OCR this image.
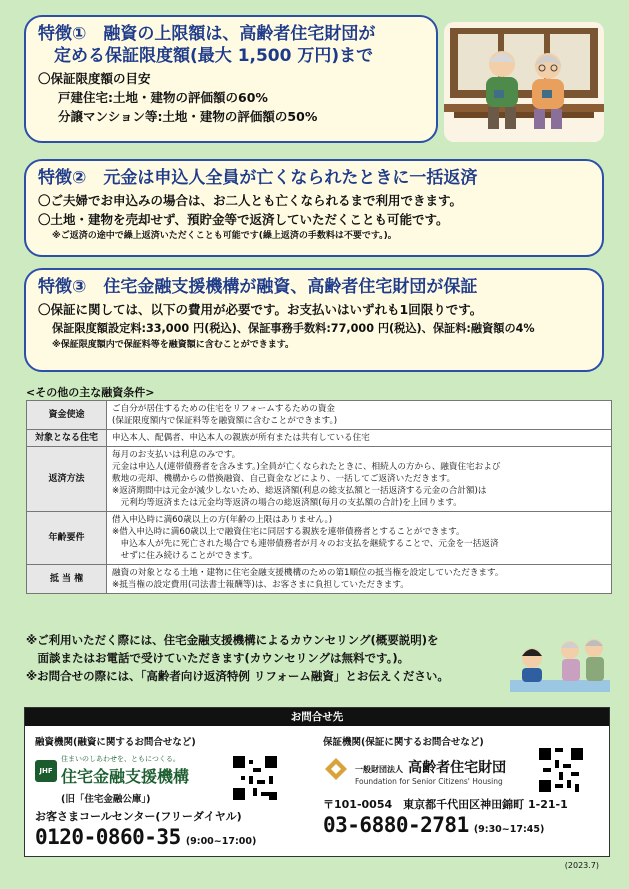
特徴①　融資の上限額は、高齢者住宅財団が
定める保証限度額(最大 1,500 万円)まで
〇保証限度額の目安
戸建住宅:土地・建物の評価額の60%
分譲マンション等:土地・建物の評価額の50%
特徴②　元金は申込人全員が亡くなられたときに一括返済
〇ご夫婦でお申込みの場合は、お二人とも亡くなられるまで利用できます。
〇土地・建物を売却せず、預貯金等で返済していただくことも可能です。
※ご返済の途中で繰上返済いただくことも可能です(繰上返済の手数料は不要です。)。
特徴③　住宅金融支援機構が融資、高齢者住宅財団が保証
〇保証に関しては、以下の費用が必要です。お支払いはいずれも1回限りです。
保証限度額設定料:33,000 円(税込)、保証事務手数料:77,000 円(税込)、保証料:融資額の4%
※保証限度額内で保証料等を融資額に含むことができます。
<その他の主な融資条件>
資金使途	ご自分が居住するための住宅をリフォームするための資金
(保証限度額内で保証料等を融資額に含むことができます。)

対象となる住宅	申込本人、配偶者、申込本人の親族が所有または共有している住宅

返済方法	毎月のお支払いは利息のみです。
元金は申込人(連帯債務者を含みます。)全員が亡くなられたときに、相続人の方から、融資住宅および
敷地の売却、機構からの借換融資、自己資金などにより、一括してご返済いただきます。
※返済期間中は元金が減少しないため、総返済額(利息の総支払額と一括返済する元金の合計額)は
　元利均等返済または元金均等返済の場合の総返済額(毎月の支払額の合計)を上回ります。

年齢要件	借入申込時に満60歳以上の方(年齢の上限はありません。)
※借入申込時に満60歳以上で融資住宅に同居する親族を連帯債務者とすることができます。
　申込本人が先に死亡された場合でも連帯債務者が月々のお支払を継続することで、元金を一括返済
　せずに住み続けることができます。

抵 当 権	融資の対象となる土地・建物に住宅金融支援機構のための第1順位の抵当権を設定していただきます。
※抵当権の設定費用(司法書士報酬等)は、お客さまに負担していただきます。
※ご利用いただく際には、住宅金融支援機構によるカウンセリング(概要説明)を
　面談またはお電話で受けていただきます(カウンセリングは無料です。)。
※お問合せの際には、「高齢者向け返済特例 リフォーム融資」とお伝えください。
お問合せ先
融資機関(融資に関するお問合せなど)
JHF
住まいのしあわせを、ともにつくる。
住宅金融支援機構
(旧「住宅金融公庫」)
お客さまコールセンター(フリーダイヤル)
0120-0860-35 (9:00~17:00)
保証機関(保証に関するお問合せなど)
一般財団法人 高齢者住宅財団
Foundation for Senior Citizens' Housing
〒101-0054　東京都千代田区神田錦町 1-21-1
03-6880-2781 (9:30~17:45)
(2023.7)
